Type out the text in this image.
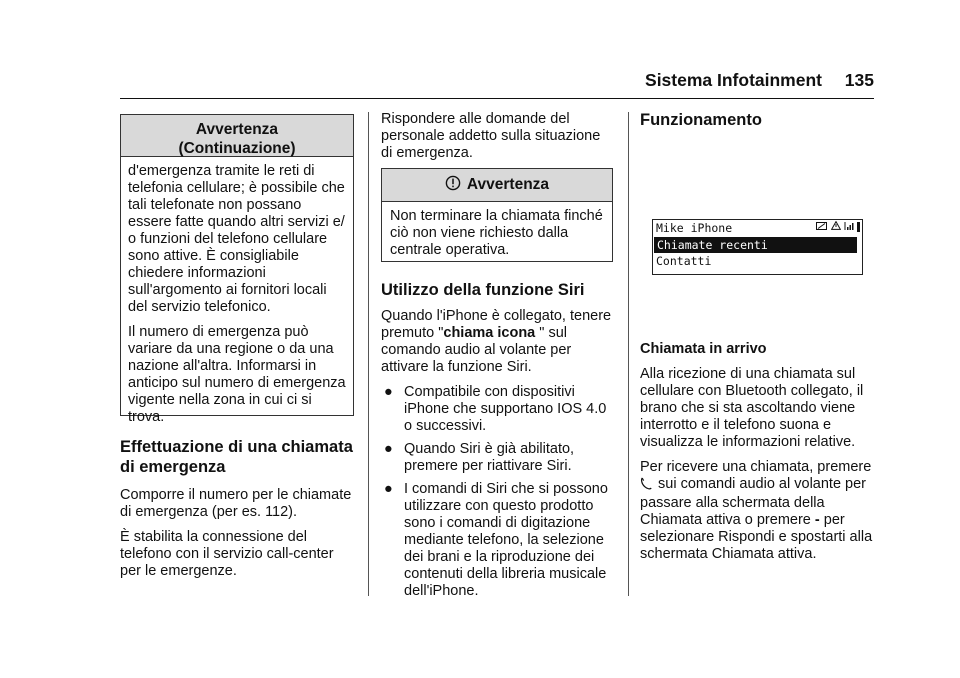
Sistema Infotainment 135
Avvertenza
(Continuazione)

d'emergenza tramite le reti di telefonia cellulare; è possibile che tali telefonate non possano essere fatte quando altri servizi e/ o funzioni del telefono cellulare sono attive. È consigliabile chiedere informazioni sull'argomento ai fornitori locali del servizio telefonico.

Il numero di emergenza può variare da una regione o da una nazione all'altra. Informarsi in anticipo sul numero di emergenza vigente nella zona in cui ci si trova.

Effettuazione di una chiamata di emergenza

Comporre il numero per le chiamate di emergenza (per es. 112).

È stabilita la connessione del telefono con il servizio call-center per le emergenze.

Rispondere alle domande del personale addetto sulla situazione di emergenza.

Avvertenza
Non terminare la chiamata finché ciò non viene richiesto dalla centrale operativa.
Utilizzo della funzione Siri

Quando l'iPhone è collegato, tenere premuto "chiama icona " sul comando audio al volante per attivare la funzione Siri.

● Compatibile con dispositivi iPhone che supportano IOS 4.0 o successivi.
● Quando Siri è già abilitato, premere per riattivare Siri.
● I comandi di Siri che si possono utilizzare con questo prodotto sono i comandi di digitazione mediante telefono, la selezione dei brani e la riproduzione dei contenuti della libreria musicale dell'iPhone.
Funzionamento
Mike iPhone
Chiamate recenti
Contatti
Chiamata in arrivo

Alla ricezione di una chiamata sul cellulare con Bluetooth collegato, il brano che si sta ascoltando viene interrotto e il telefono suona e visualizza le informazioni relative.

Per ricevere una chiamata, premere
sui comandi audio al volante per passare alla schermata della Chiamata attiva o premere - per selezionare Rispondi e spostarti alla schermata Chiamata attiva.
